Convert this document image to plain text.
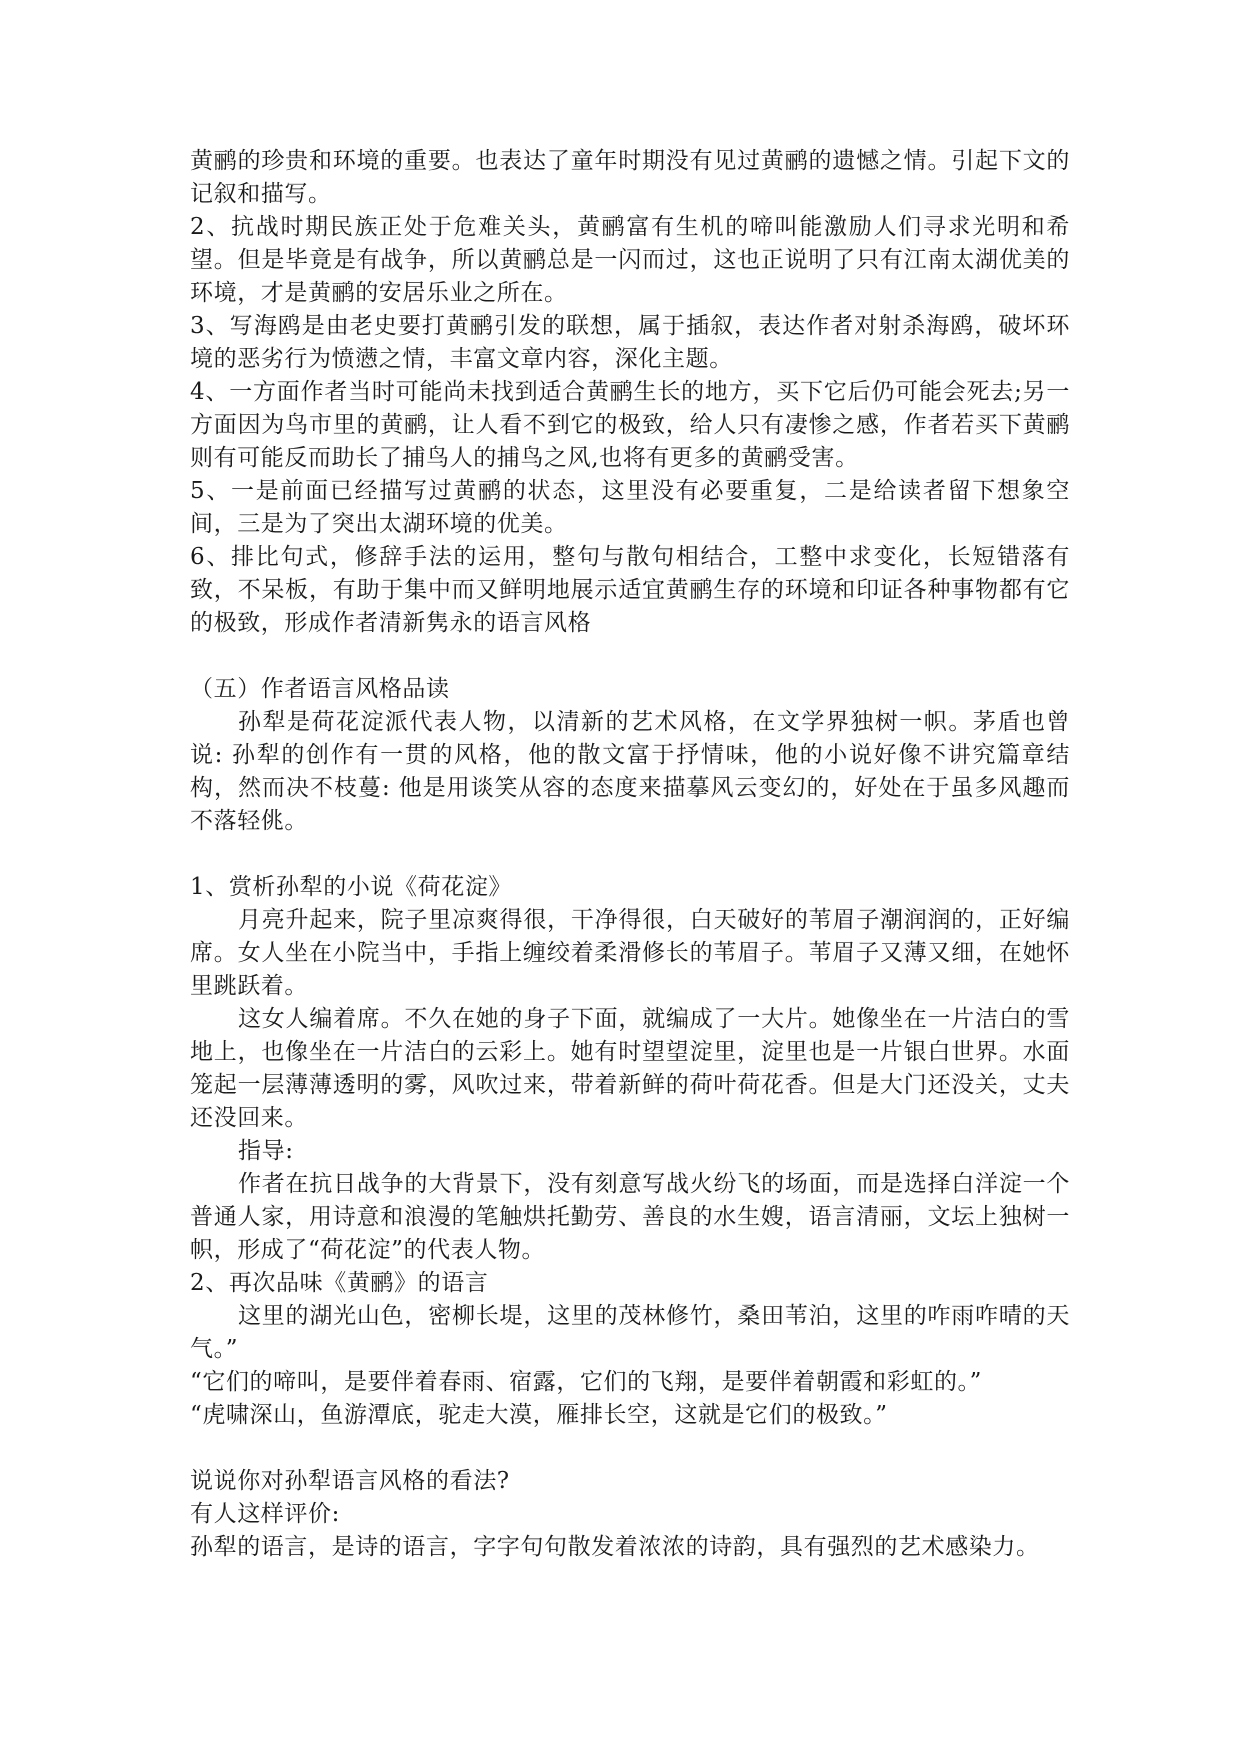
黄鹂的珍贵和环境的重要。也表达了童年时期没有见过黄鹂的遗憾之情。引起下文的记叙和描写。

2、抗战时期民族正处于危难关头，黄鹂富有生机的啼叫能激励人们寻求光明和希望。但是毕竟是有战争，所以黄鹂总是一闪而过，这也正说明了只有江南太湖优美的环境，才是黄鹂的安居乐业之所在。

3、写海鸥是由老史要打黄鹂引发的联想，属于插叙，表达作者对射杀海鸥，破坏环境的恶劣行为愤懑之情，丰富文章内容，深化主题。

4、一方面作者当时可能尚未找到适合黄鹂生长的地方，买下它后仍可能会死去;另一方面因为鸟市里的黄鹂，让人看不到它的极致，给人只有凄惨之感，作者若买下黄鹂则有可能反而助长了捕鸟人的捕鸟之风,也将有更多的黄鹂受害。

5、一是前面已经描写过黄鹂的状态，这里没有必要重复，二是给读者留下想象空间，三是为了突出太湖环境的优美。

6、排比句式，修辞手法的运用，整句与散句相结合，工整中求变化，长短错落有致，不呆板，有助于集中而又鲜明地展示适宜黄鹂生存的环境和印证各种事物都有它的极致，形成作者清新隽永的语言风格

（五）作者语言风格品读

孙犁是荷花淀派代表人物，以清新的艺术风格，在文学界独树一帜。茅盾也曾说: 孙犁的创作有一贯的风格，他的散文富于抒情味，他的小说好像不讲究篇章结构，然而决不枝蔓: 他是用谈笑从容的态度来描摹风云变幻的，好处在于虽多风趣而不落轻佻。

1、赏析孙犁的小说《荷花淀》

月亮升起来，院子里凉爽得很，干净得很，白天破好的苇眉子潮润润的，正好编席。女人坐在小院当中，手指上缠绞着柔滑修长的苇眉子。苇眉子又薄又细，在她怀里跳跃着。

这女人编着席。不久在她的身子下面，就编成了一大片。她像坐在一片洁白的雪地上，也像坐在一片洁白的云彩上。她有时望望淀里，淀里也是一片银白世界。水面笼起一层薄薄透明的雾，风吹过来，带着新鲜的荷叶荷花香。但是大门还没关，丈夫还没回来。

指导:

作者在抗日战争的大背景下，没有刻意写战火纷飞的场面，而是选择白洋淀一个普通人家，用诗意和浪漫的笔触烘托勤劳、善良的水生嫂，语言清丽，文坛上独树一帜，形成了“荷花淀”的代表人物。

2、再次品味《黄鹂》的语言

这里的湖光山色，密柳长堤，这里的茂林修竹，桑田苇泊，这里的咋雨咋晴的天气。”

“它们的啼叫，是要伴着春雨、宿露，它们的飞翔，是要伴着朝霞和彩虹的。”

“虎啸深山，鱼游潭底，驼走大漠，雁排长空，这就是它们的极致。”

说说你对孙犁语言风格的看法?

有人这样评价:

孙犁的语言，是诗的语言，字字句句散发着浓浓的诗韵，具有强烈的艺术感染力。
